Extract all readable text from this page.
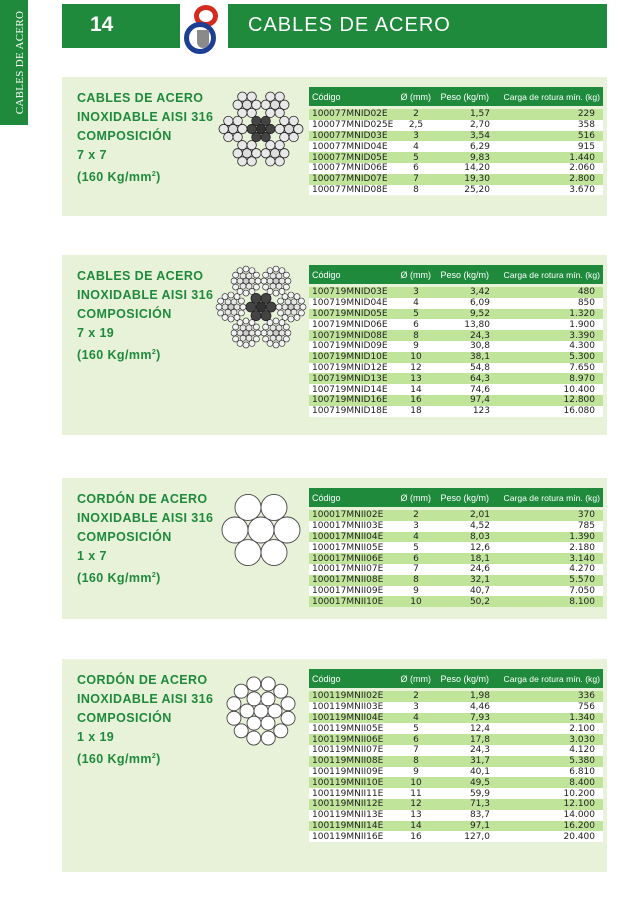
CABLES DE ACERO	14	CABLES DE ACERO
CABLES DE ACERO
INOXIDABLE AISI 316
COMPOSICIÓN
7 x 7
(160 $Kg/mm^2$)
Código	Ø (mm)	Peso (kg/m)	Carga de rotura mín. (kg)
100077MNID02E	2	1,57	229
100077MNID025E	2,5	2,70	358
100077MNID03E	3	3,54	516
100077MNID04E	4	6,29	915
100077MNID05E	5	9,83	1.440
100077MNID06E	6	14,20	2.060
100077MNID07E	7	19,30	2.800
100077MNID08E	8	25,20	3.670
CABLES DE ACERO
INOXIDABLE AISI 316
COMPOSICIÓN
7 x 19
(160 $Kg/mm^2$)
Código	Ø (mm)	Peso (kg/m)	Carga de rotura mín. (kg)
100719MNID03E	3	3,42	480
100719MNID04E	4	6,09	850
100719MNID05E	5	9,52	1.320
100719MNID06E	6	13,80	1.900
100719MNID08E	8	24,3	3.390
100719MNID09E	9	30,8	4.300
100719MNID10E	10	38,1	5.300
100719MNID12E	12	54,8	7.650
100719MNID13E	13	64,3	8.970
100719MNID14E	14	74,6	10.400
100719MNID16E	16	97,4	12.800
100719MNID18E	18	123	16.080
CORDÓN DE ACERO
INOXIDABLE AISI 316
COMPOSICIÓN
1 x 7
(160 $Kg/mm^2$)
Código	Ø (mm)	Peso (kg/m)	Carga de rotura mín. (kg)
100017MNII02E	2	2,01	370
100017MNII03E	3	4,52	785
100017MNII04E	4	8,03	1.390
100017MNII05E	5	12,6	2.180
100017MNII06E	6	18,1	3.140
100017MNII07E	7	24,6	4.270
100017MNII08E	8	32,1	5.570
100017MNII09E	9	40,7	7.050
100017MNII10E	10	50,2	8.100
CORDÓN DE ACERO
INOXIDABLE AISI 316
COMPOSICIÓN
1 x 19
(160 $Kg/mm^2$)
Código	Ø (mm)	Peso (kg/m)	Carga de rotura mín. (kg)
100119MNII02E	2	1,98	336
100119MNII03E	3	4,46	756
100119MNII04E	4	7,93	1.340
100119MNII05E	5	12,4	2.100
100119MNII06E	6	17,8	3.030
100119MNII07E	7	24,3	4.120
100119MNII08E	8	31,7	5.380
100119MNII09E	9	40,1	6.810
100119MNII10E	10	49,5	8.400
100119MNII11E	11	59,9	10.200
100119MNII12E	12	71,3	12.100
100119MNII13E	13	83,7	14.000
100119MNII14E	14	97,1	16.200
100119MNII16E	16	127,0	20.400
